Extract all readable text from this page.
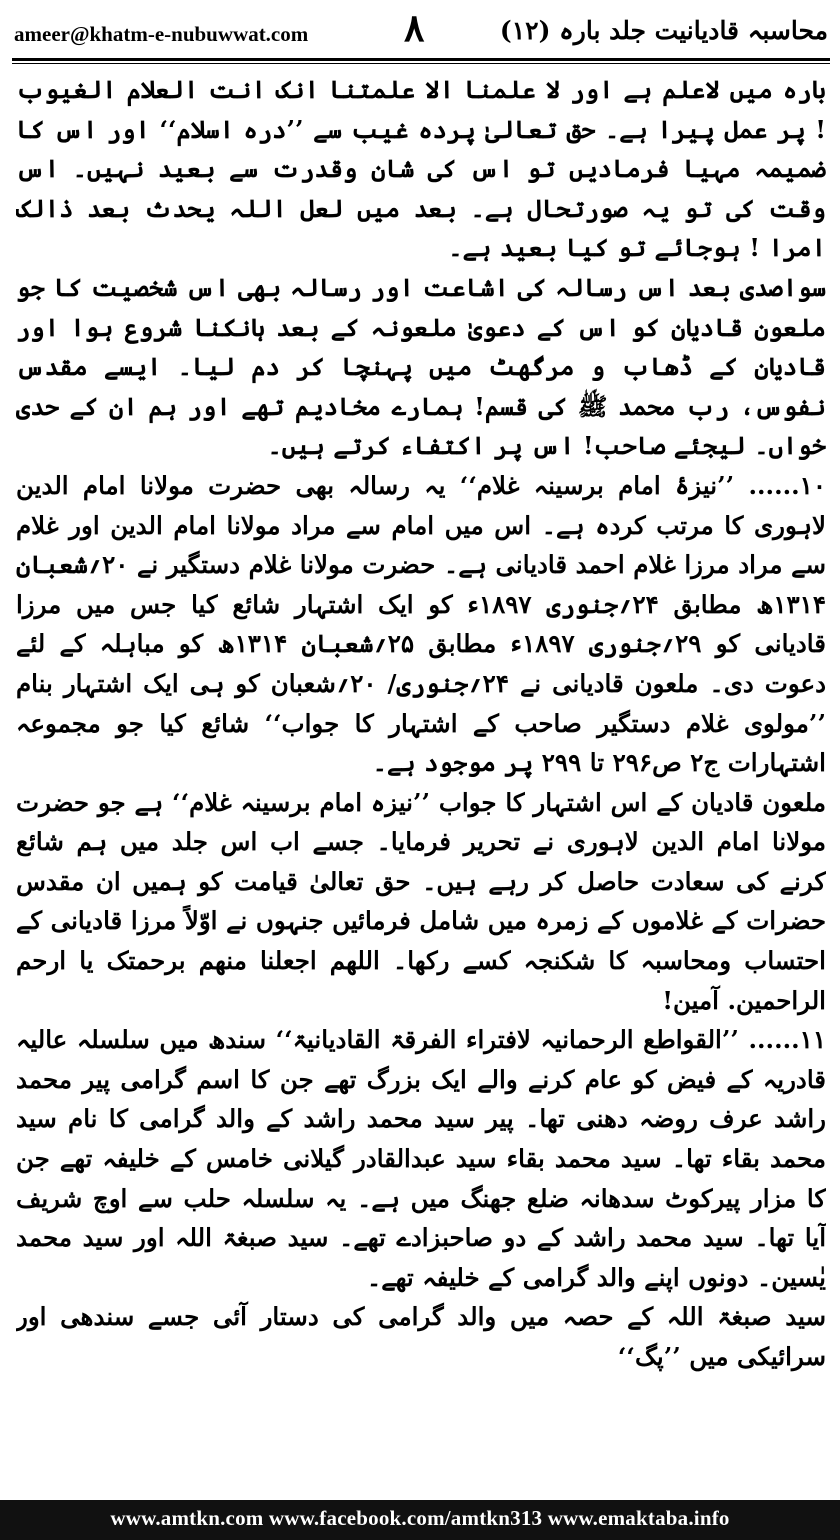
ameer@khatm-e-nubuwwat.com	۸	محاسبہ قادیانیت جلد بارہ (۱۲)

بارہ میں لاعلم ہے اور لا علمنا الا علمتنا انک انت العلام الغیوب ! پر عمل پیرا ہے۔ حق تعالیٰ پردہ غیب سے ’’درہ اسلام‘‘ اور اس کا ضمیمہ مہیا فرمادیں تو اس کی شان وقدرت سے بعید نہیں۔ اس وقت کی تو یہ صورتحال ہے۔ بعد میں لعل اللہ یحدث بعد ذالک امرا ! ہوجائے تو کیا بعید ہے۔

سواصدی بعد اس رسالہ کی اشاعت اور رسالہ بھی اس شخصیت کا جو ملعون قادیان کو اس کے دعویٰ ملعونہ کے بعد ہانکنا شروع ہوا اور قادیان کے ڈھاب و مرگھٹ میں پہنچا کر دم لیا۔ ایسے مقدس نفوس، رب محمد ﷺ کی قسم! ہمارے مخادیم تھے اور ہم ان کے حدی خواں۔ لیجئے صاحب! اس پر اکتفاء کرتے ہیں۔

۱۰...... ’’نیزۂ امام برسینہ غلام‘‘ یہ رسالہ بھی حضرت مولانا امام الدین لاہوری کا مرتب کردہ ہے۔ اس میں امام سے مراد مولانا امام الدین اور غلام سے مراد مرزا غلام احمد قادیانی ہے۔ حضرت مولانا غلام دستگیر نے ۲۰؍شعبان ۱۳۱۴ھ مطابق ۲۴؍جنوری ۱۸۹۷ء کو ایک اشتہار شائع کیا جس میں مرزا قادیانی کو ۲۹؍جنوری ۱۸۹۷ء مطابق ۲۵؍شعبان ۱۳۱۴ھ کو مباہلہ کے لئے دعوت دی۔ ملعون قادیانی نے ۲۴؍جنوری/ ۲۰؍شعبان کو ہی ایک اشتہار بنام ’’مولوی غلام دستگیر صاحب کے اشتہار کا جواب‘‘ شائع کیا جو مجموعہ اشتہارات ج۲ ص۲۹۶ تا ۲۹۹ پر موجود ہے۔

ملعون قادیان کے اس اشتہار کا جواب ’’نیزہ امام برسینہ غلام‘‘ ہے جو حضرت مولانا امام الدین لاہوری نے تحریر فرمایا۔ جسے اب اس جلد میں ہم شائع کرنے کی سعادت حاصل کر رہے ہیں۔ حق تعالیٰ قیامت کو ہمیں ان مقدس حضرات کے غلاموں کے زمرہ میں شامل فرمائیں جنہوں نے اوّلاً مرزا قادیانی کے احتساب ومحاسبہ کا شکنجہ کسے رکھا۔ اللھم اجعلنا منھم برحمتک یا ارحم الراحمین. آمین!

۱۱...... ’’القواطع الرحمانیہ لافتراء الفرقۃ القادیانیۃ‘‘ سندھ میں سلسلہ عالیہ قادریہ کے فیض کو عام کرنے والے ایک بزرگ تھے جن کا اسم گرامی پیر محمد راشد عرف روضہ دھنی تھا۔ پیر سید محمد راشد کے والد گرامی کا نام سید محمد بقاء تھا۔ سید محمد بقاء سید عبدالقادر گیلانی خامس کے خلیفہ تھے جن کا مزار پیرکوٹ سدھانہ ضلع جھنگ میں ہے۔ یہ سلسلہ حلب سے اوچ شریف آیا تھا۔ سید محمد راشد کے دو صاحبزادے تھے۔ سید صبغۃ اللہ اور سید محمد یٰسین۔ دونوں اپنے والد گرامی کے خلیفہ تھے۔

سید صبغۃ اللہ کے حصہ میں والد گرامی کی دستار آئی جسے سندھی اور سرائیکی میں ’’پگ‘‘

www.amtkn.com www.facebook.com/amtkn313 www.emaktaba.info
